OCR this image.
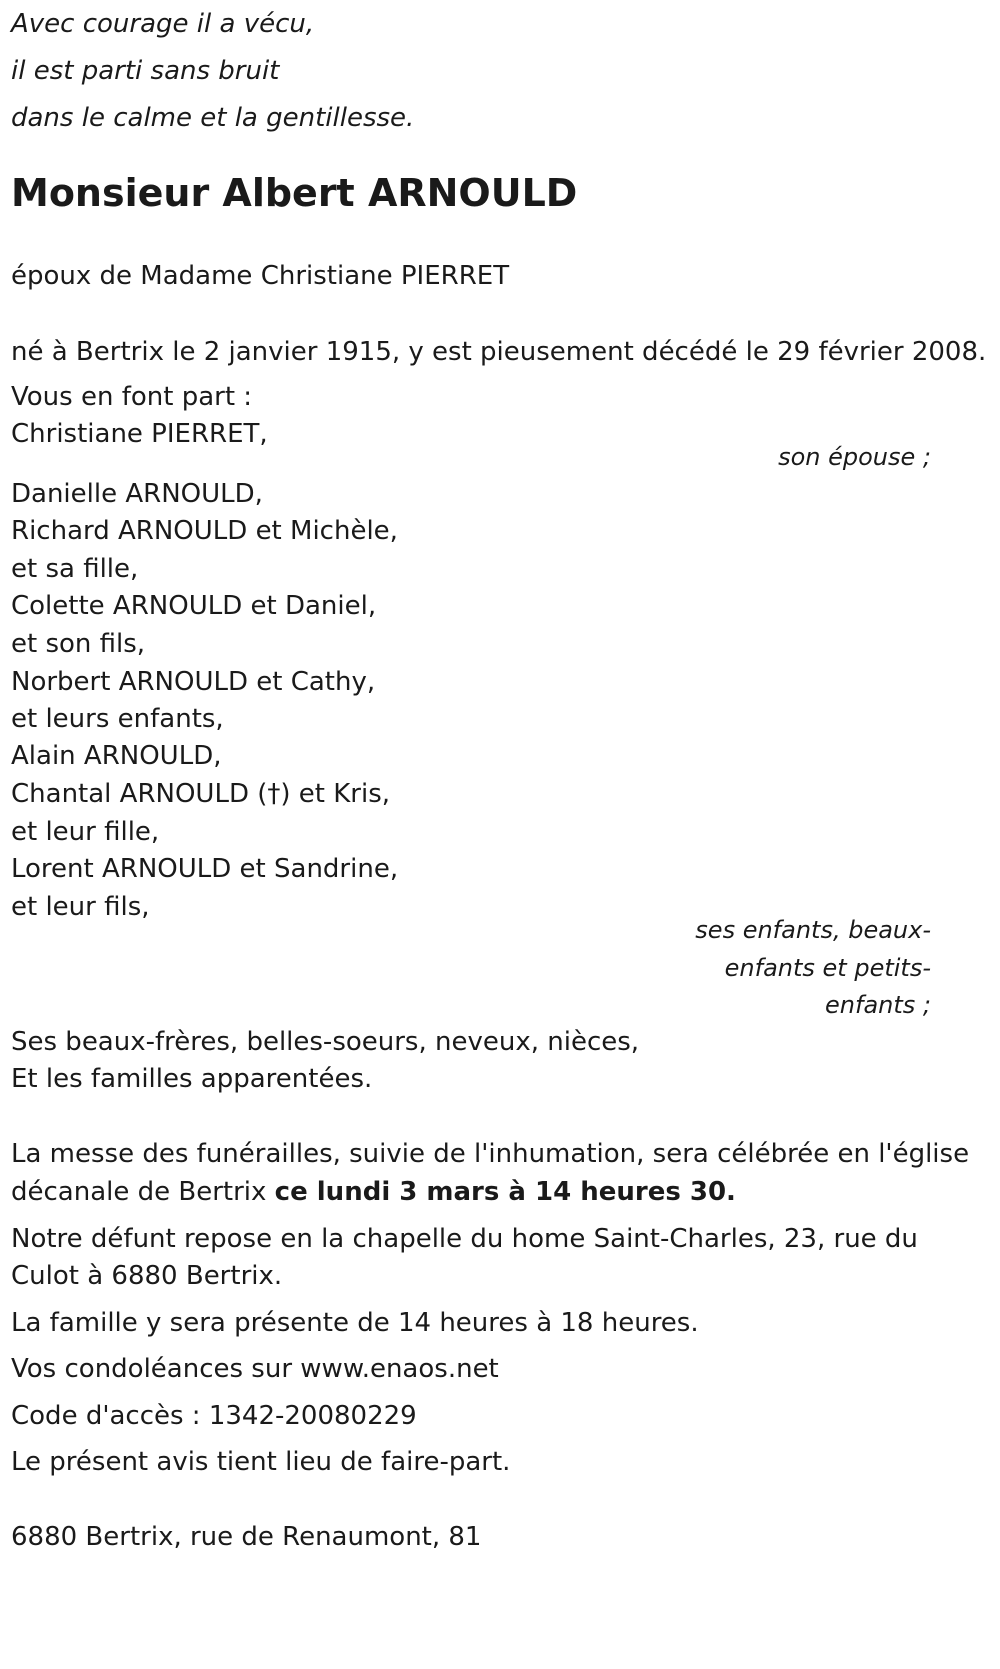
Avec courage il a vécu,
il est parti sans bruit
dans le calme et la gentillesse.
Monsieur Albert ARNOULD
époux de Madame Christiane PIERRET
né à Bertrix le 2 janvier 1915, y est pieusement décédé le 29 février 2008.
Vous en font part :
Christiane PIERRET,
son épouse ;
Danielle ARNOULD,
Richard ARNOULD et Michèle,
et sa fille,
Colette ARNOULD et Daniel,
et son fils,
Norbert ARNOULD et Cathy,
et leurs enfants,
Alain ARNOULD,
Chantal ARNOULD (†) et Kris,
et leur fille,
Lorent ARNOULD et Sandrine,
et leur fils,
ses enfants, beaux-
enfants et petits-
enfants ;
Ses beaux-frères, belles-soeurs, neveux, nièces,
Et les familles apparentées.
La messe des funérailles, suivie de l'inhumation, sera célébrée en l'église
décanale de Bertrix ce lundi 3 mars à 14 heures 30.
Notre défunt repose en la chapelle du home Saint-Charles, 23, rue du
Culot à 6880 Bertrix.
La famille y sera présente de 14 heures à 18 heures.
Vos condoléances sur www.enaos.net
Code d'accès : 1342-20080229
Le présent avis tient lieu de faire-part.
6880 Bertrix, rue de Renaumont, 81
